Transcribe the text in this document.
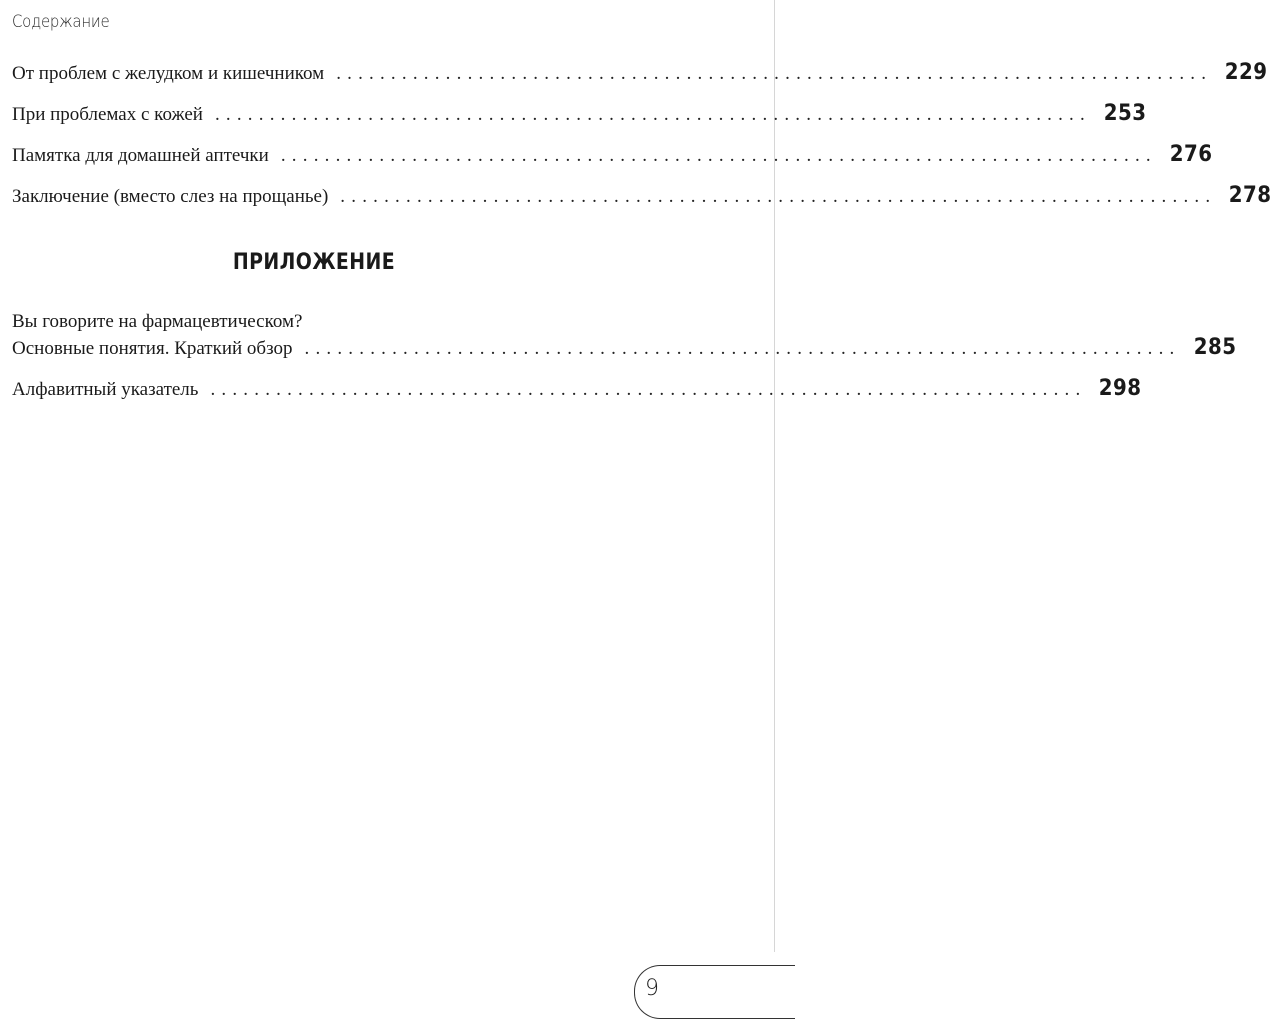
Содержание
От проблем с желудком и кишечником ................................................................................ 229
При проблемах с кожей ................................................................................ 253
Памятка для домашней аптечки ................................................................................ 276
Заключение (вместо слез на прощанье) ................................................................................ 278
ПРИЛОЖЕНИЕ
Вы говорите на фармацевтическом?
Основные понятия. Краткий обзор ................................................................................ 285
Алфавитный указатель ................................................................................ 298
9
